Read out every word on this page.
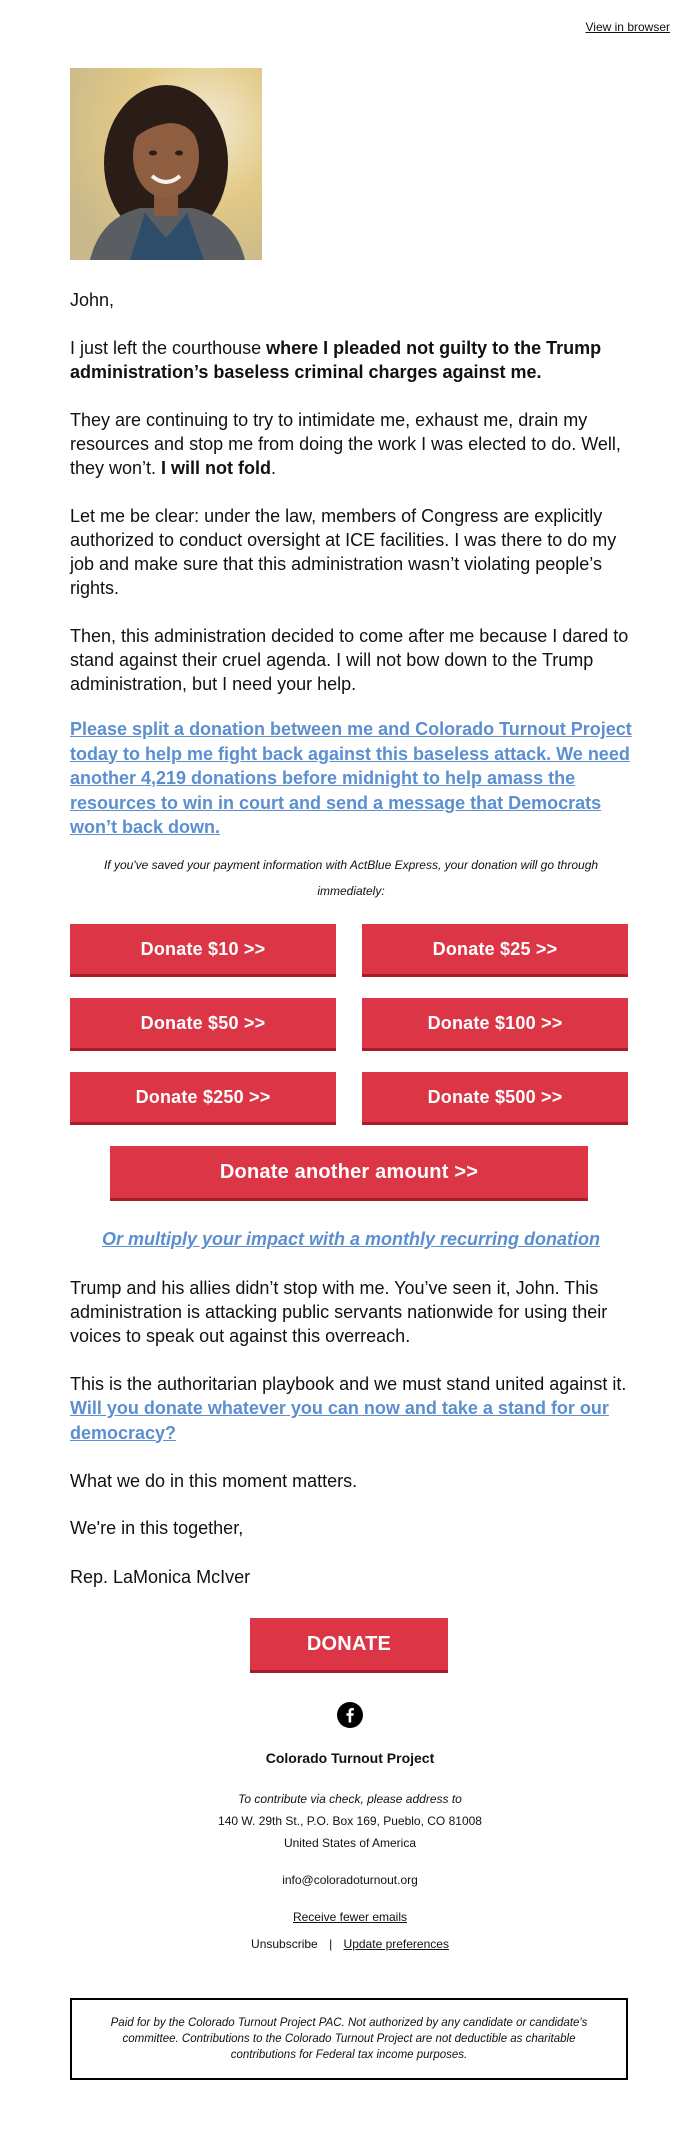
View in browser

John,

I just left the courthouse where I pleaded not guilty to the Trump administration’s baseless criminal charges against me.

They are continuing to try to intimidate me, exhaust me, drain my resources and stop me from doing the work I was elected to do. Well, they won’t. I will not fold.

Let me be clear: under the law, members of Congress are explicitly authorized to conduct oversight at ICE facilities. I was there to do my job and make sure that this administration wasn’t violating people’s rights.

Then, this administration decided to come after me because I dared to stand against their cruel agenda. I will not bow down to the Trump administration, but I need your help.

Please split a donation between me and Colorado Turnout Project today to help me fight back against this baseless attack. We need another 4,219 donations before midnight to help amass the resources to win in court and send a message that Democrats won’t back down.
If you've saved your payment information with ActBlue Express, your donation will go through immediately:
Donate $10 >>	Donate $25 >>
Donate $50 >>	Donate $100 >>
Donate $250 >>	Donate $500 >>
Donate another amount >>
Or multiply your impact with a monthly recurring donation

Trump and his allies didn’t stop with me. You’ve seen it, John. This administration is attacking public servants nationwide for using their voices to speak out against this overreach.

This is the authoritarian playbook and we must stand united against it. Will you donate whatever you can now and take a stand for our democracy?

What we do in this moment matters.

We're in this together,

Rep. LaMonica McIver

DONATE
Colorado Turnout Project
To contribute via check, please address to
140 W. 29th St., P.O. Box 169, Pueblo, CO 81008
United States of America
info@coloradoturnout.org
Receive fewer emails
Unsubscribe | Update preferences
Paid for by the Colorado Turnout Project PAC. Not authorized by any candidate or candidate's committee. Contributions to the Colorado Turnout Project are not deductible as charitable contributions for Federal tax income purposes.
